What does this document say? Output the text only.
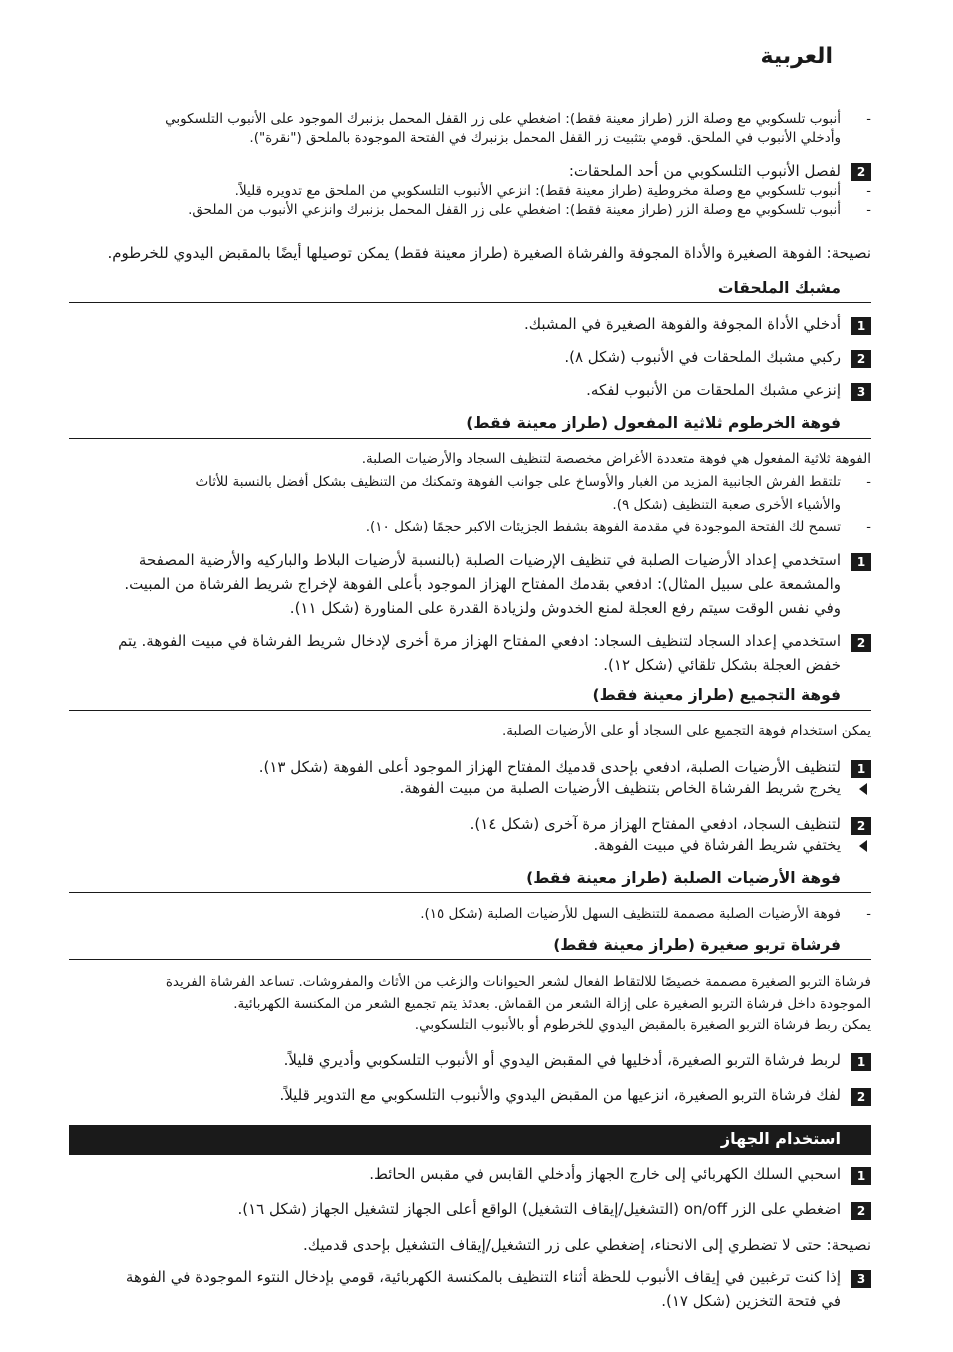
العربية
-
أنبوب تلسكوبي مع وصلة الزر (طراز معينة فقط): اضغطي على زر القفل المحمل بزنبرك الموجود على الأنبوب التلسكوبي
وأدخلي الأنبوب في الملحق. قومي بتثبيت زر القفل المحمل بزنبرك في الفتحة الموجودة بالملحق ("نقرة").
2
لفصل الأنبوب التلسكوبي من أحد الملحقات:
-
أنبوب تلسكوبي مع وصلة مخروطية (طراز معينة فقط): انزعي الأنبوب التلسكوبي من الملحق مع تدويره قليلاً.
-
أنبوب تلسكوبي مع وصلة الزر (طراز معينة فقط): اضغطي على زر القفل المحمل بزنبرك وانزعي الأنبوب من الملحق.
نصيحة: الفوهة الصغيرة والأداة المجوفة والفرشاة الصغيرة (طراز معينة فقط) يمكن توصيلها أيضًا بالمقبض اليدوي للخرطوم.
مشبك الملحقات
1
أدخلي الأداة المجوفة والفوهة الصغيرة في المشبك.
2
ركبي مشبك الملحقات في الأنبوب (شكل ٨).
3
إنزعي مشبك الملحقات من الأنبوب لفكه.
فوهة الخرطوم ثلاثية المفعول (طراز معينة فقط)
الفوهة ثلاثية المفعول هي فوهة متعددة الأغراض مخصصة لتنظيف السجاد والأرضيات الصلبة.
-
تلتقط الفرش الجانبية المزيد من الغبار والأوساخ على جوانب الفوهة وتمكنك من التنظيف بشكل أفضل بالنسبة للأثاث
والأشياء الأخرى صعبة التنظيف (شكل ٩).
-
تسمح لك الفتحة الموجودة في مقدمة الفوهة بشفط الجزيئات الاكبر حجمًا (شكل ١٠).
1
استخدمي إعداد الأرضيات الصلبة في تنظيف الإرضيات الصلبة (بالنسبة لأرضيات البلاط والباركيه والأرضية المصفحة
والمشمعة على سبيل المثال): ادفعي بقدمك المفتاح الهزاز الموجود بأعلى الفوهة لإخراج شريط الفرشاة من المبيت.
وفي نفس الوقت سيتم رفع العجلة لمنع الخدوش ولزيادة القدرة على المناورة (شكل ١١).
2
استخدمي إعداد السجاد لتنظيف السجاد: ادفعي المفتاح الهزاز مرة أخرى لإدخال شريط الفرشاة في مبيت الفوهة. يتم
خفض العجلة بشكل تلقائي (شكل ١٢).
فوهة التجميع (طراز معينة فقط)
يمكن استخدام فوهة التجميع على السجاد أو على الأرضيات الصلبة.
1
لتنظيف الأرضيات الصلبة، ادفعي بإحدى قدميك المفتاح الهزاز الموجود أعلى الفوهة (شكل ١٣).
يخرج شريط الفرشاة الخاص بتنظيف الأرضيات الصلبة من مبيت الفوهة.
2
لتنظيف السجاد، ادفعي المفتاح الهزاز مرة آخرى (شكل ١٤).
يختفي شريط الفرشاة في مبيت الفوهة.
فوهة الأرضيات الصلبة (طراز معينة فقط)
-
فوهة الأرضيات الصلبة مصممة للتنظيف السهل للأرضيات الصلبة (شكل ١٥).
فرشاة تربو صغيرة (طراز معينة فقط)
فرشاة التربو الصغيرة مصممة خصيصًا للالتقاط الفعال لشعر الحيوانات والزغب من الأثاث والمفروشات. تساعد الفرشاة الفريدة
الموجودة داخل فرشاة التربو الصغيرة على إزالة الشعر من القماش. بعدئذ يتم تجميع الشعر من المكنسة الكهربائية.
يمكن ربط فرشاة التربو الصغيرة بالمقبض اليدوي للخرطوم أو بالأنبوب التلسكوبي.
1
لربط فرشاة التربو الصغيرة، أدخليها في المقبض اليدوي أو الأنبوب التلسكوبي وأديري قليلاً.
2
لفك فرشاة التربو الصغيرة، انزعيها من المقبض اليدوي والأنبوب التلسكوبي مع التدوير قليلاً.
استخدام الجهاز
1
اسحبي السلك الكهربائي إلى خارج الجهاز وأدخلي القابس في مقبس الحائط.
2
اضغطي على الزر on/off (التشغيل/إيقاف التشغيل) الواقع أعلى الجهاز لتشغيل الجهاز (شكل ١٦).
نصيحة: حتى لا تضطري إلى الانحناء، إضغطي على زر التشغيل/إيقاف التشغيل بإحدى قدميك.
3
إذا كنت ترغبين في إيقاف الأنبوب للحظة أثناء التنظيف بالمكنسة الكهربائية، قومي بإدخال النتوء الموجودة في الفوهة
في فتحة التخزين (شكل ١٧).
